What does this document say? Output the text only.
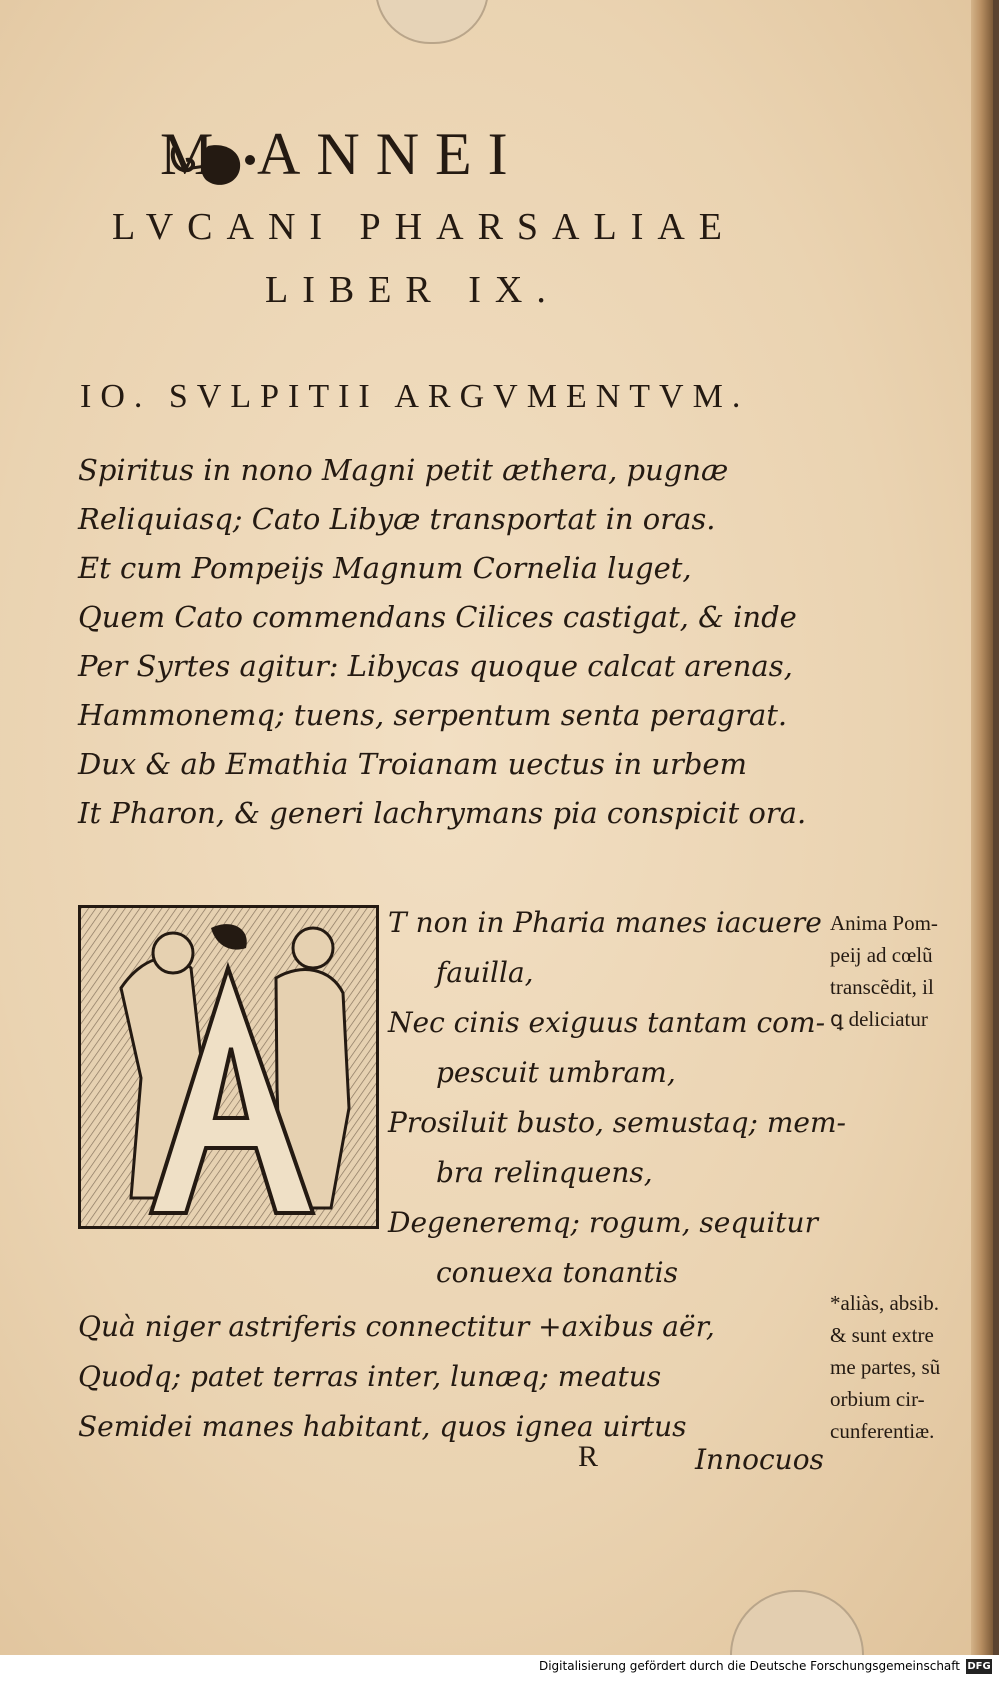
M ANNEI
LVCANI PHARSALIAE
LIBER IX.
IO. SVLPITII ARGVMENTVM.
Spiritus in nono Magni petit æthera, pugnæ
Reliquiasq; Cato Libyæ transportat in oras.
Et cum Pompeijs Magnum Cornelia luget,
Quem Cato commendans Cilices castigat, & inde
Per Syrtes agitur: Libycas quoque calcat arenas,
Hammonemq; tuens, serpentum senta peragrat.
Dux & ab Emathia Troianam uectus in urbem
It Pharon, & generi lachrymans pia conspicit ora.
T non in Pharia manes iacuere
fauilla,
Nec cinis exiguus tantam com-
pescuit umbram,
Prosiluit busto, semustaq; mem-
bra relinquens,
Degeneremq; rogum, sequitur
conuexa tonantis
Quà niger astriferis connectitur +axibus aër,
Quodq; patet terras inter, lunæq; meatus
Semidei manes habitant, quos ignea uirtus
Anima Pom-
peij ad cœlũ
transcẽdit, il
ꝗ deliciatur
*aliàs, absib.
& sunt extre
me partes, sũ
orbium cir-
cunferentiæ.
R	Innocuos
Digitalisierung gefördert durch die Deutsche Forschungsgemeinschaft DFG
